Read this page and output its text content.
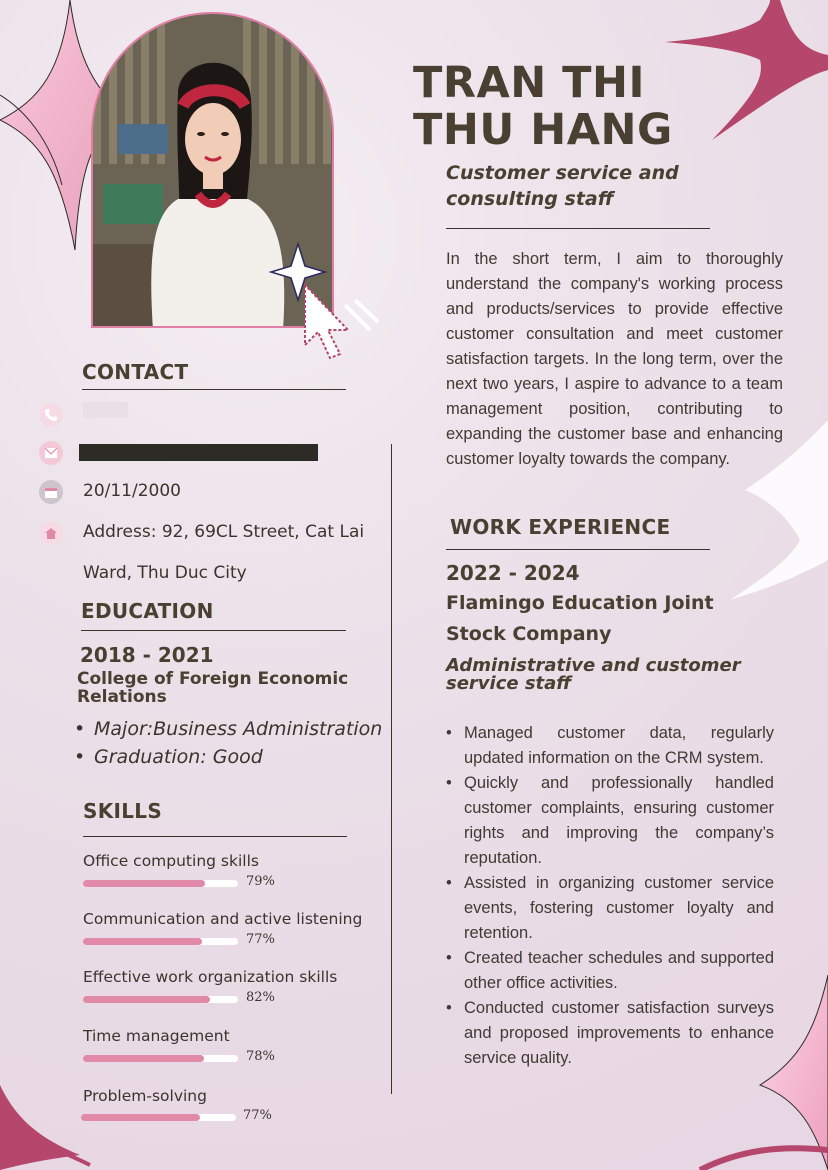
TRAN THI
THU HANG
Customer service and consulting staff
In the short term, I aim to thoroughly understand the company's working process and products/services to provide effective customer consultation and meet customer satisfaction targets. In the long term, over the next two years, I aspire to advance to a team management position, contributing to expanding the customer base and enhancing customer loyalty towards the company.
CONTACT
20/11/2000
Address: 92, 69CL Street, Cat Lai
Ward, Thu Duc City
EDUCATION
2018 - 2021
College of Foreign Economic Relations
• Major:Business Administration
• Graduation: Good
SKILLS
Office computing skills
79%
Communication and active listening
77%
Effective work organization skills
82%
Time management
78%
Problem-solving
77%
WORK EXPERIENCE
2022 - 2024
Flamingo Education Joint Stock Company
Administrative and customer service staff
• Managed customer data, regularly updated information on the CRM system.
• Quickly and professionally handled customer complaints, ensuring customer rights and improving the company’s reputation.
• Assisted in organizing customer service events, fostering customer loyalty and retention.
• Created teacher schedules and supported other office activities.
• Conducted customer satisfaction surveys and proposed improvements to enhance service quality.
